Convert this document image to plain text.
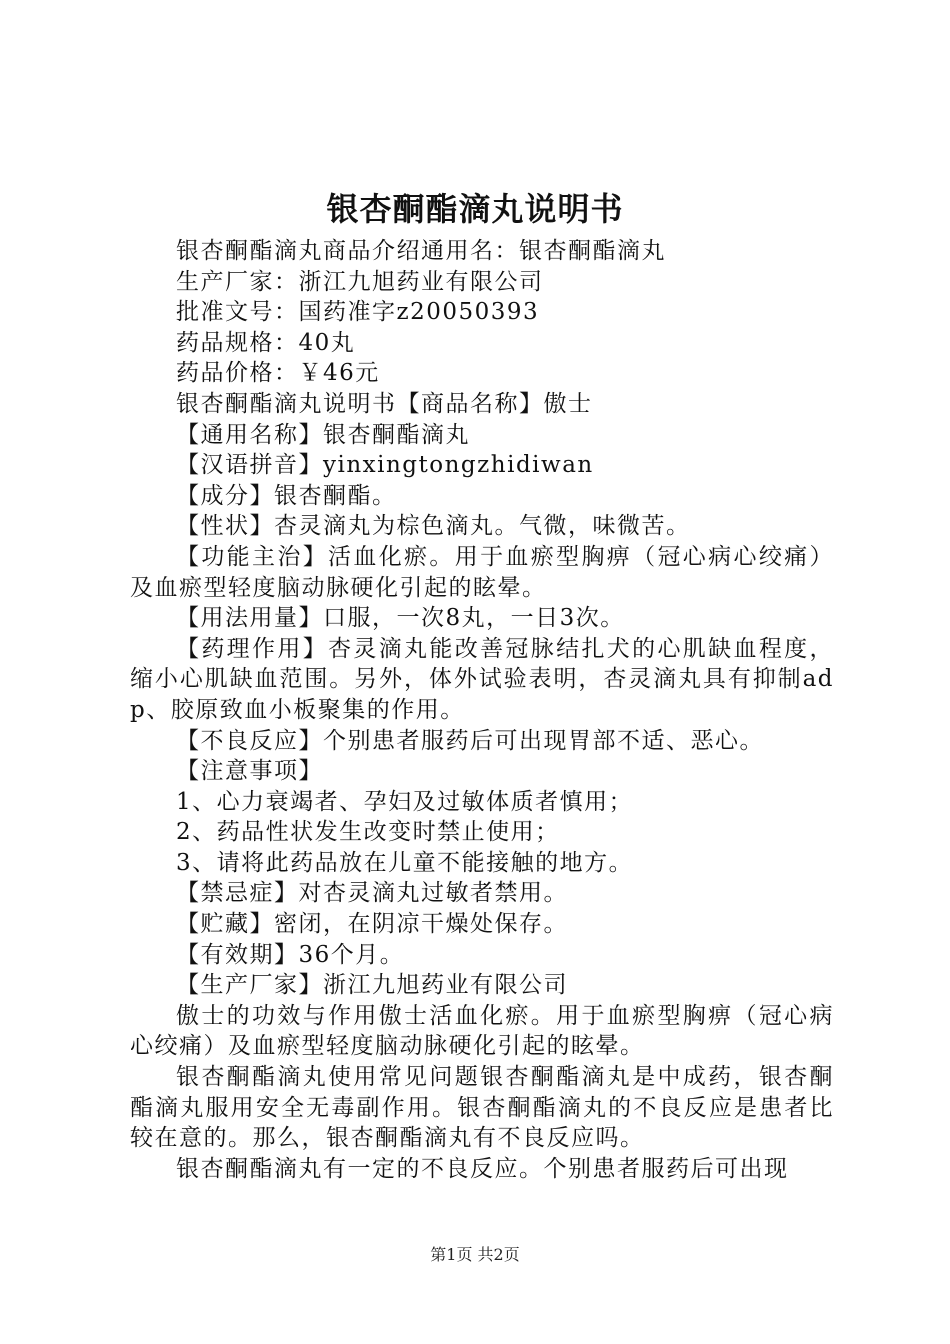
银杏酮酯滴丸说明书

银杏酮酯滴丸商品介绍通用名：银杏酮酯滴丸

生产厂家：浙江九旭药业有限公司

批准文号：国药准字z20050393

药品规格：40丸

药品价格：￥46元

银杏酮酯滴丸说明书【商品名称】傲士

【通用名称】银杏酮酯滴丸

【汉语拼音】yinxingtongzhidiwan

【成分】银杏酮酯。

【性状】杏灵滴丸为棕色滴丸。气微，味微苦。

【功能主治】活血化瘀。用于血瘀型胸痹（冠心病心绞痛）及血瘀型轻度脑动脉硬化引起的眩晕。

【用法用量】口服，一次8丸，一日3次。

【药理作用】杏灵滴丸能改善冠脉结扎犬的心肌缺血程度，缩小心肌缺血范围。另外，体外试验表明，杏灵滴丸具有抑制adp、胶原致血小板聚集的作用。

【不良反应】个别患者服药后可出现胃部不适、恶心。

【注意事项】

1、心力衰竭者、孕妇及过敏体质者慎用；

2、药品性状发生改变时禁止使用；

3、请将此药品放在儿童不能接触的地方。

【禁忌症】对杏灵滴丸过敏者禁用。

【贮藏】密闭，在阴凉干燥处保存。

【有效期】36个月。

【生产厂家】浙江九旭药业有限公司

傲士的功效与作用傲士活血化瘀。用于血瘀型胸痹（冠心病心绞痛）及血瘀型轻度脑动脉硬化引起的眩晕。

银杏酮酯滴丸使用常见问题银杏酮酯滴丸是中成药，银杏酮酯滴丸服用安全无毒副作用。银杏酮酯滴丸的不良反应是患者比较在意的。那么，银杏酮酯滴丸有不良反应吗。

银杏酮酯滴丸有一定的不良反应。个别患者服药后可出现

第1页 共2页
